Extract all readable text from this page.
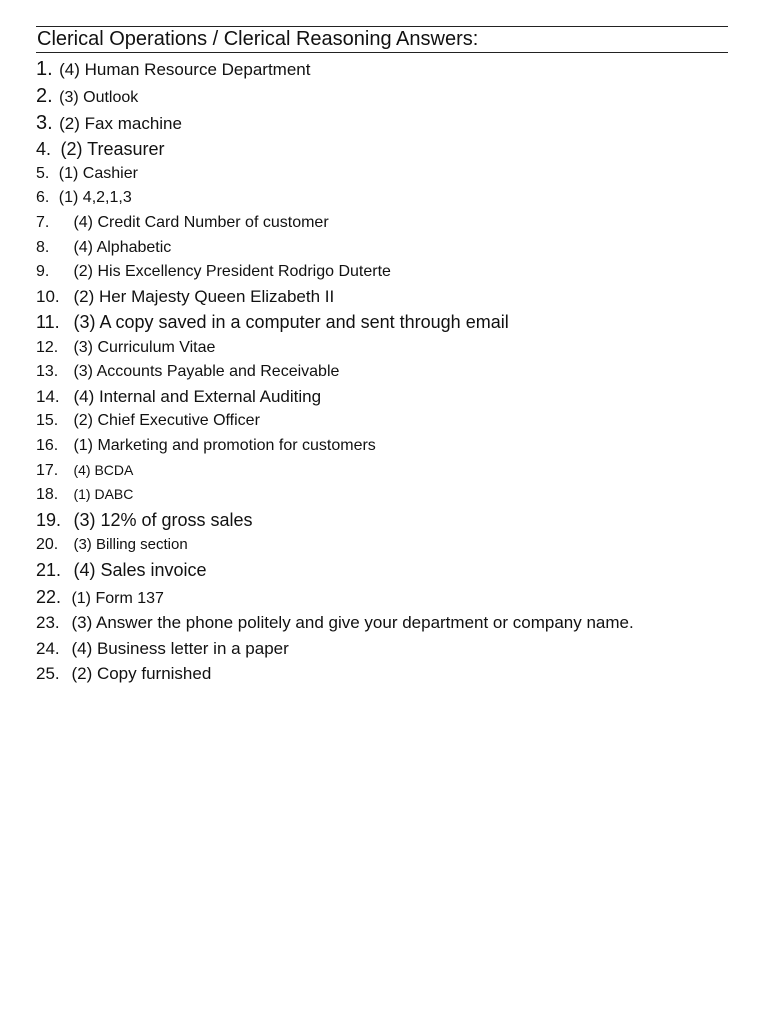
Clerical Operations / Clerical Reasoning Answers:
1. (4) Human Resource Department
2. (3) Outlook
3. (2) Fax machine
4. (2) Treasurer
5. (1) Cashier
6. (1) 4,2,1,3
7. (4) Credit Card Number of customer
8. (4) Alphabetic
9. (2) His Excellency President Rodrigo Duterte
10. (2) Her Majesty Queen Elizabeth II
11. (3) A copy saved in a computer and sent through email
12. (3) Curriculum Vitae
13. (3) Accounts Payable and Receivable
14. (4) Internal and External Auditing
15. (2) Chief Executive Officer
16. (1) Marketing and promotion for customers
17. (4) BCDA
18. (1) DABC
19. (3) 12% of gross sales
20. (3) Billing section
21. (4) Sales invoice
22. (1) Form 137
23. (3) Answer the phone politely and give your department or company name.
24. (4) Business letter in a paper
25. (2) Copy furnished
